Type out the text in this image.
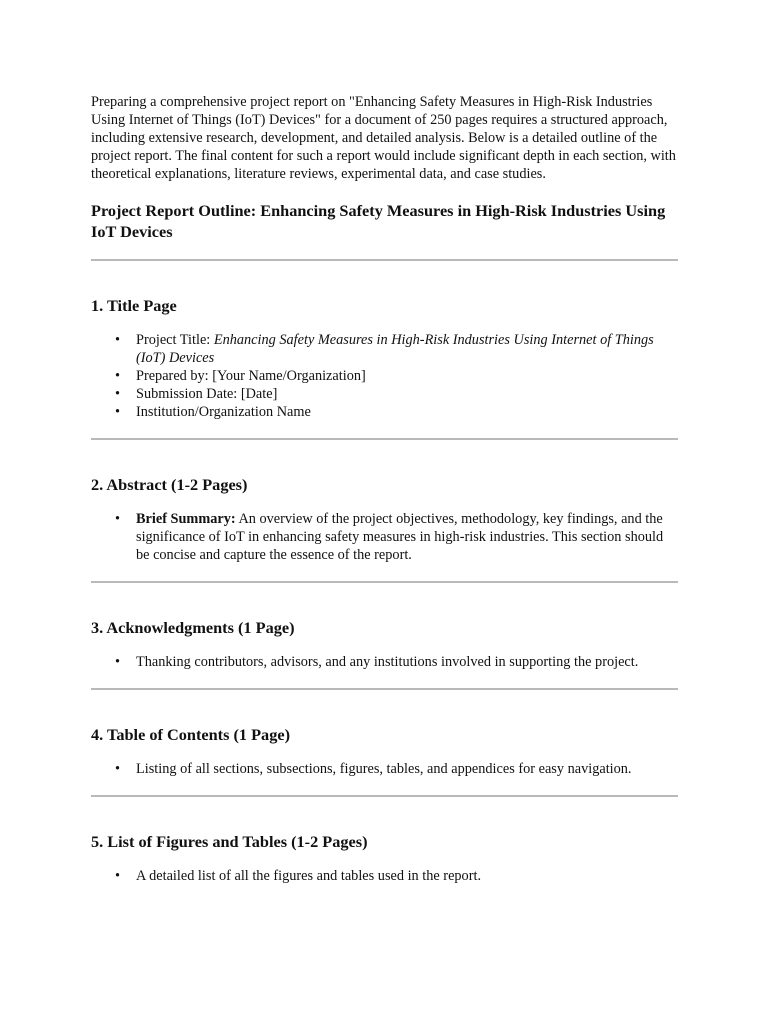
Preparing a comprehensive project report on "Enhancing Safety Measures in High-Risk Industries Using Internet of Things (IoT) Devices" for a document of 250 pages requires a structured approach, including extensive research, development, and detailed analysis. Below is a detailed outline of the project report. The final content for such a report would include significant depth in each section, with theoretical explanations, literature reviews, experimental data, and case studies.

Project Report Outline: Enhancing Safety Measures in High-Risk Industries Using IoT Devices
1. Title Page
• Project Title: Enhancing Safety Measures in High-Risk Industries Using Internet of Things (IoT) Devices
• Prepared by: [Your Name/Organization]
• Submission Date: [Date]
• Institution/Organization Name
2. Abstract (1-2 Pages)
• Brief Summary: An overview of the project objectives, methodology, key findings, and the significance of IoT in enhancing safety measures in high-risk industries. This section should be concise and capture the essence of the report.
3. Acknowledgments (1 Page)
• Thanking contributors, advisors, and any institutions involved in supporting the project.
4. Table of Contents (1 Page)
• Listing of all sections, subsections, figures, tables, and appendices for easy navigation.
5. List of Figures and Tables (1-2 Pages)
• A detailed list of all the figures and tables used in the report.
